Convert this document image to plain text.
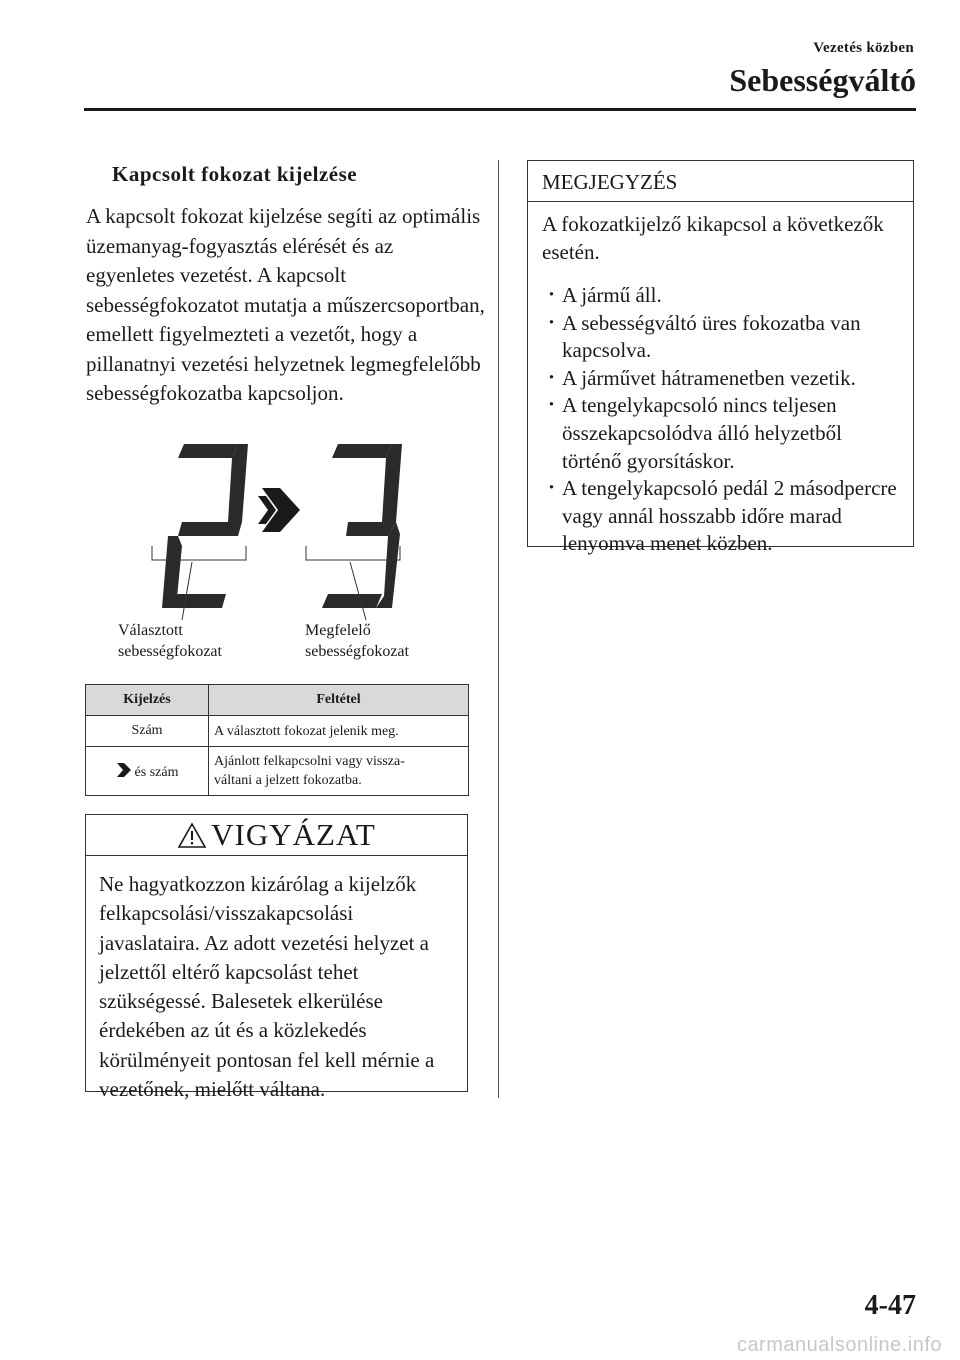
Vezetés közben
Sebességváltó
Kapcsolt fokozat kijelzése

A kapcsolt fokozat kijelzése segíti az optimális üzemanyag-fogyasztás elérését és az egyenletes vezetést. A kapcsolt sebességfokozatot mutatja a műszercsoportban, emellett figyelmezteti a vezetőt, hogy a pillanatnyi vezetési helyzetnek legmegfelelőbb sebességfokozatba kapcsoljon.

Választott
sebességfokozat
Megfelelő
sebességfokozat
Kijelzés	Feltétel
Szám	A választott fokozat jelenik meg.
és szám	Ajánlott felkapcsolni vagy vissza-
váltani a jelzett fokozatba.
VIGYÁZAT
Ne hagyatkozzon kizárólag a kijelzők felkapcsolási/visszakapcsolási javaslataira. Az adott vezetési helyzet a jelzettől eltérő kapcsolást tehet szükségessé. Balesetek elkerülése érdekében az út és a közlekedés körülményeit pontosan fel kell mérnie a vezetőnek, mielőtt váltana.
MEGJEGYZÉS
A fokozatkijelző kikapcsol a következők esetén.
· A jármű áll.
· A sebességváltó üres fokozatba van kapcsolva.
· A járművet hátramenetben vezetik.
· A tengelykapcsoló nincs teljesen összekapcsolódva álló helyzetből történő gyorsításkor.
· A tengelykapcsoló pedál 2 másodpercre vagy annál hosszabb időre marad lenyomva menet közben.
4-47
carmanualsonline.info
